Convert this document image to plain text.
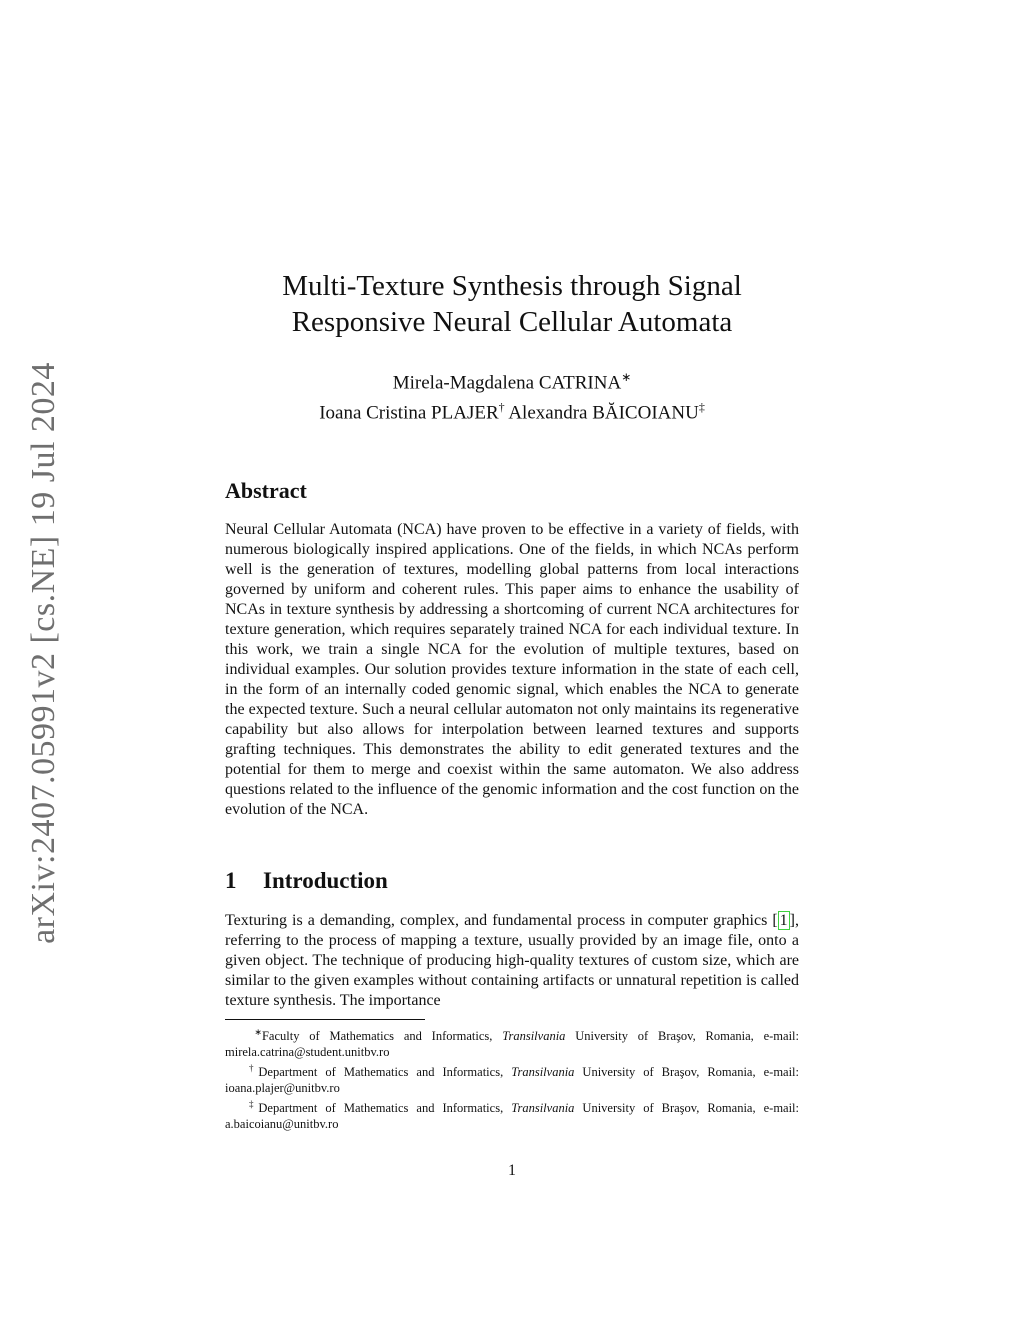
arXiv:2407.05991v2 [cs.NE] 19 Jul 2024
Multi-Texture Synthesis through Signal
Responsive Neural Cellular Automata
Mirela-Magdalena CATRINA∗
Ioana Cristina PLAJER† Alexandra BĂICOIANU‡
Abstract

Neural Cellular Automata (NCA) have proven to be effective in a variety of fields, with numerous biologically inspired applications. One of the fields, in which NCAs perform well is the generation of textures, modelling global patterns from local interactions governed by uniform and coherent rules. This paper aims to enhance the usability of NCAs in texture synthesis by addressing a shortcoming of current NCA architectures for texture generation, which requires separately trained NCA for each individual texture. In this work, we train a single NCA for the evolution of multiple textures, based on individual examples. Our solution provides texture information in the state of each cell, in the form of an internally coded genomic signal, which enables the NCA to generate the expected texture. Such a neural cellular automaton not only maintains its regenerative capability but also allows for interpolation between learned textures and supports grafting techniques. This demonstrates the ability to edit generated textures and the potential for them to merge and coexist within the same automaton. We also address questions related to the influence of the genomic information and the cost function on the evolution of the NCA.

1 Introduction

Texturing is a demanding, complex, and fundamental process in computer graphics [ 1 ], referring to the process of mapping a texture, usually provided by an image file, onto a given object. The technique of producing high-quality textures of custom size, which are similar to the given examples without containing artifacts or unnatural repetition is called texture synthesis. The importance

∗Faculty of Mathematics and Informatics, Transilvania University of Braşov, Romania, e-mail: mirela.catrina@student.unitbv.ro

†Department of Mathematics and Informatics, Transilvania University of Braşov, Romania, e-mail: ioana.plajer@unitbv.ro

‡Department of Mathematics and Informatics, Transilvania University of Braşov, Romania, e-mail: a.baicoianu@unitbv.ro

1
